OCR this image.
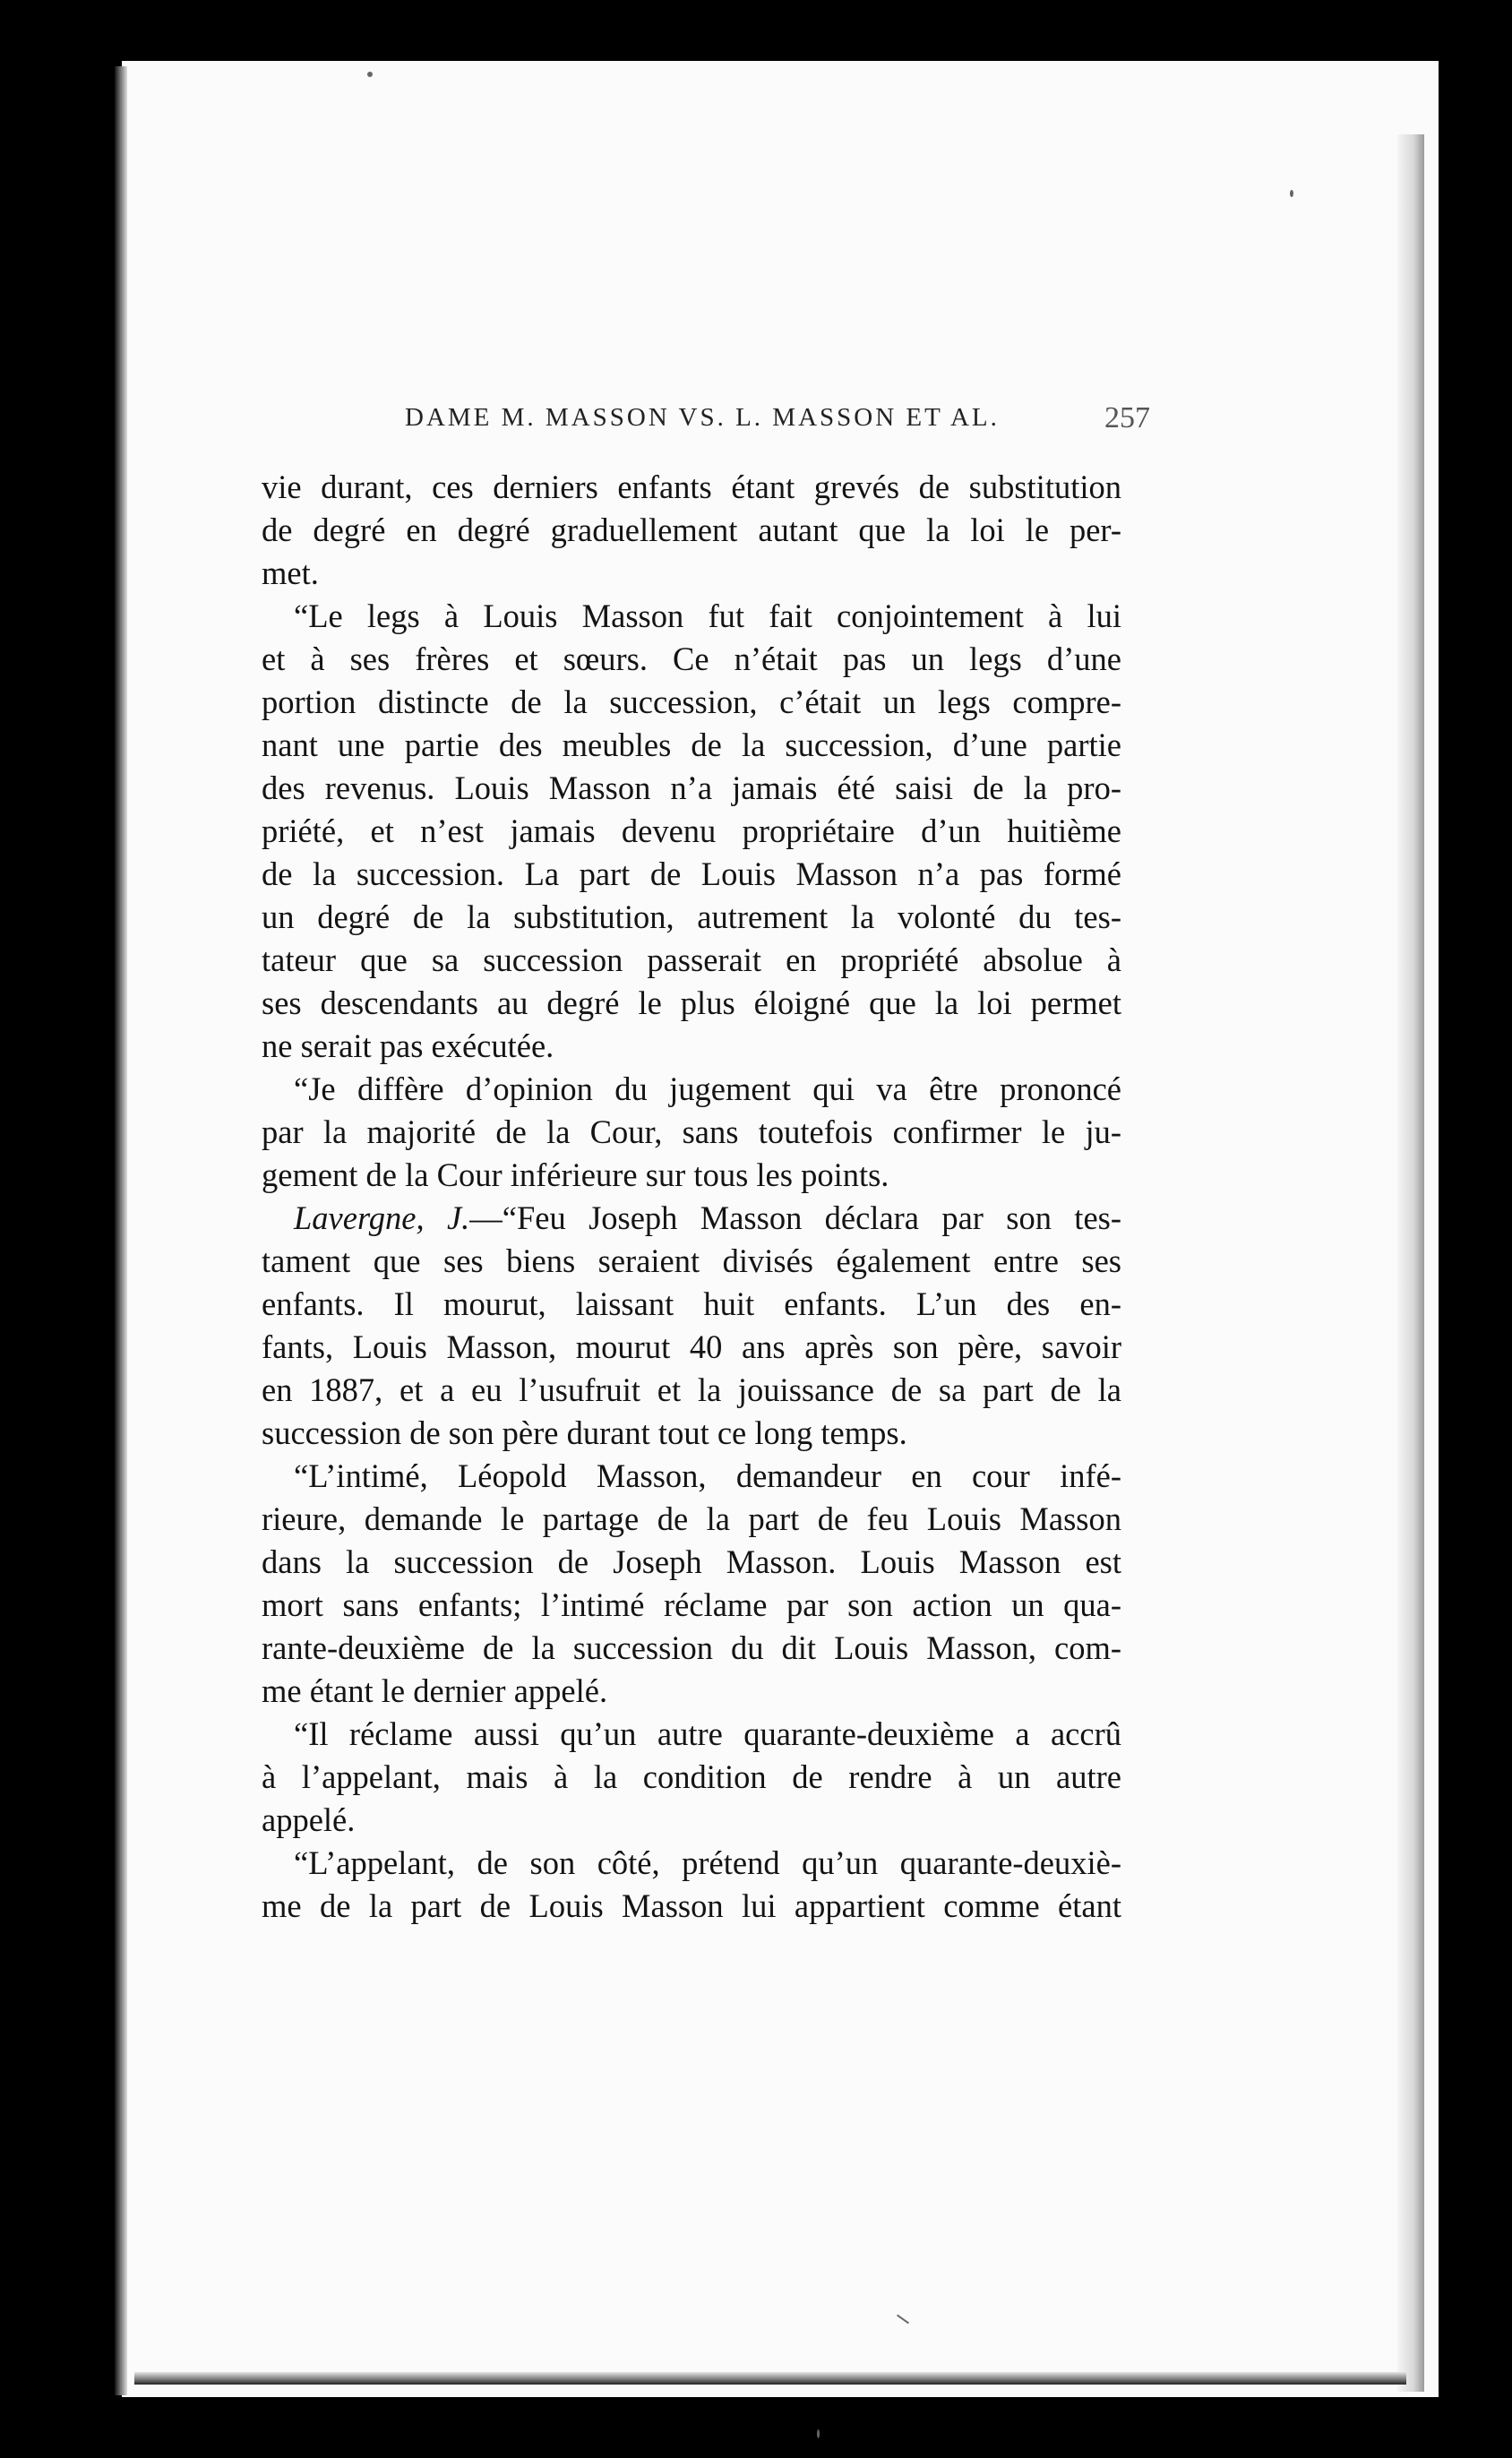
DAME M. MASSON VS. L. MASSON ET AL.	257
vie durant, ces derniers enfants étant grevés de substitution
de degré en degré graduellement autant que la loi le per-
met.
“Le legs à Louis Masson fut fait conjointement à lui
et à ses frères et sœurs. Ce n’était pas un legs d’une
portion distincte de la succession, c’était un legs compre-
nant une partie des meubles de la succession, d’une partie
des revenus. Louis Masson n’a jamais été saisi de la pro-
priété, et n’est jamais devenu propriétaire d’un huitième
de la succession. La part de Louis Masson n’a pas formé
un degré de la substitution, autrement la volonté du tes-
tateur que sa succession passerait en propriété absolue à
ses descendants au degré le plus éloigné que la loi permet
ne serait pas exécutée.
“Je diffère d’opinion du jugement qui va être prononcé
par la majorité de la Cour, sans toutefois confirmer le ju-
gement de la Cour inférieure sur tous les points.
Lavergne, J.—“Feu Joseph Masson déclara par son tes-
tament que ses biens seraient divisés également entre ses
enfants. Il mourut, laissant huit enfants. L’un des en-
fants, Louis Masson, mourut 40 ans après son père, savoir
en 1887, et a eu l’usufruit et la jouissance de sa part de la
succession de son père durant tout ce long temps.
“L’intimé, Léopold Masson, demandeur en cour infé-
rieure, demande le partage de la part de feu Louis Masson
dans la succession de Joseph Masson. Louis Masson est
mort sans enfants; l’intimé réclame par son action un qua-
rante-deuxième de la succession du dit Louis Masson, com-
me étant le dernier appelé.
“Il réclame aussi qu’un autre quarante-deuxième a accrû
à l’appelant, mais à la condition de rendre à un autre
appelé.
“L’appelant, de son côté, prétend qu’un quarante-deuxiè-
me de la part de Louis Masson lui appartient comme étant
